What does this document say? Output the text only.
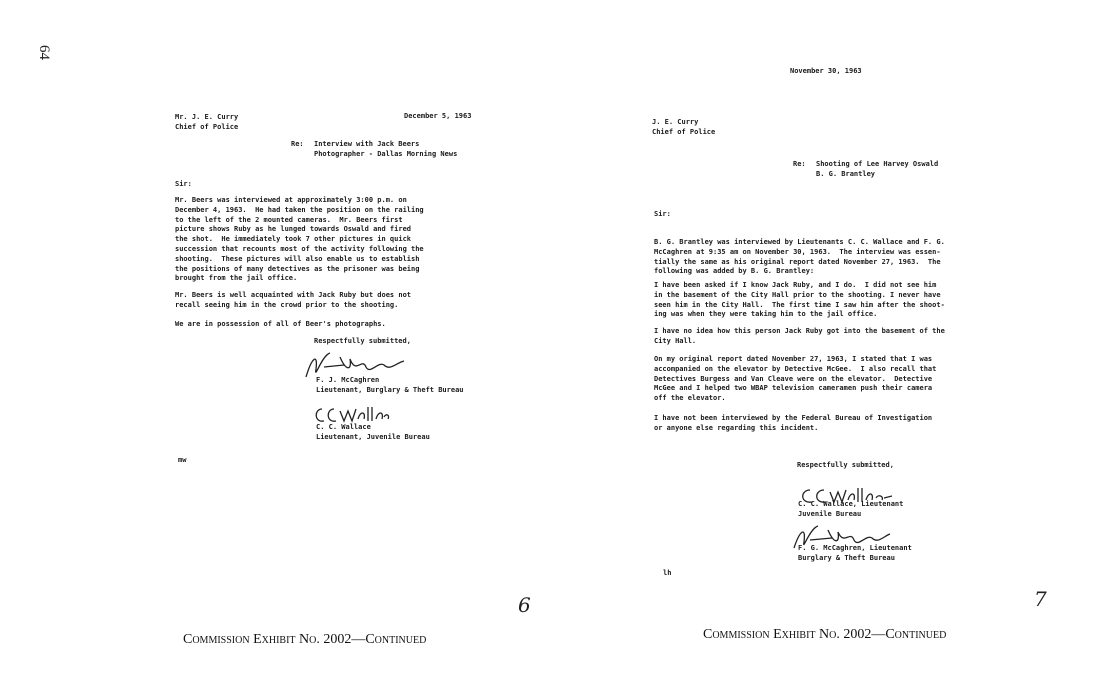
64
Mr. J. E. Curry
Chief of Police
December 5, 1963
Re: Interview with Jack Beers
Photographer - Dallas Morning News
Sir:
Mr. Beers was interviewed at approximately 3:00 p.m. on
December 4, 1963.  He had taken the position on the railing
to the left of the 2 mounted cameras.  Mr. Beers first
picture shows Ruby as he lunged towards Oswald and fired
the shot.  He immediately took 7 other pictures in quick
succession that recounts most of the activity following the
shooting.  These pictures will also enable us to establish
the positions of many detectives as the prisoner was being
brought from the jail office.
Mr. Beers is well acquainted with Jack Ruby but does not
recall seeing him in the crowd prior to the shooting.
We are in possession of all of Beer's photographs.
Respectfully submitted,
F. J. McCaghren
Lieutenant, Burglary & Theft Bureau
C. C. Wallace
Lieutenant, Juvenile Bureau
mw
6
Commission Exhibit No. 2002—Continued
November 30, 1963
J. E. Curry
Chief of Police
Re: Shooting of Lee Harvey Oswald
B. G. Brantley
Sir:
B. G. Brantley was interviewed by Lieutenants C. C. Wallace and F. G.
McCaghren at 9:35 am on November 30, 1963.  The interview was essen-
tially the same as his original report dated November 27, 1963.  The
following was added by B. G. Brantley:
I have been asked if I know Jack Ruby, and I do.  I did not see him
in the basement of the City Hall prior to the shooting. I never have
seen him in the City Hall.  The first time I saw him after the shoot-
ing was when they were taking him to the jail office.
I have no idea how this person Jack Ruby got into the basement of the
City Hall.
On my original report dated November 27, 1963, I stated that I was
accompanied on the elevator by Detective McGee.  I also recall that
Detectives Burgess and Van Cleave were on the elevator.  Detective
McGee and I helped two WBAP television cameramen push their camera
off the elevator.
I have not been interviewed by the Federal Bureau of Investigation
or anyone else regarding this incident.
Respectfully submitted,
C. C. Wallace, Lieutenant
Juvenile Bureau
F. G. McCaghren, Lieutenant
Burglary & Theft Bureau
lh
7
Commission Exhibit No. 2002—Continued
